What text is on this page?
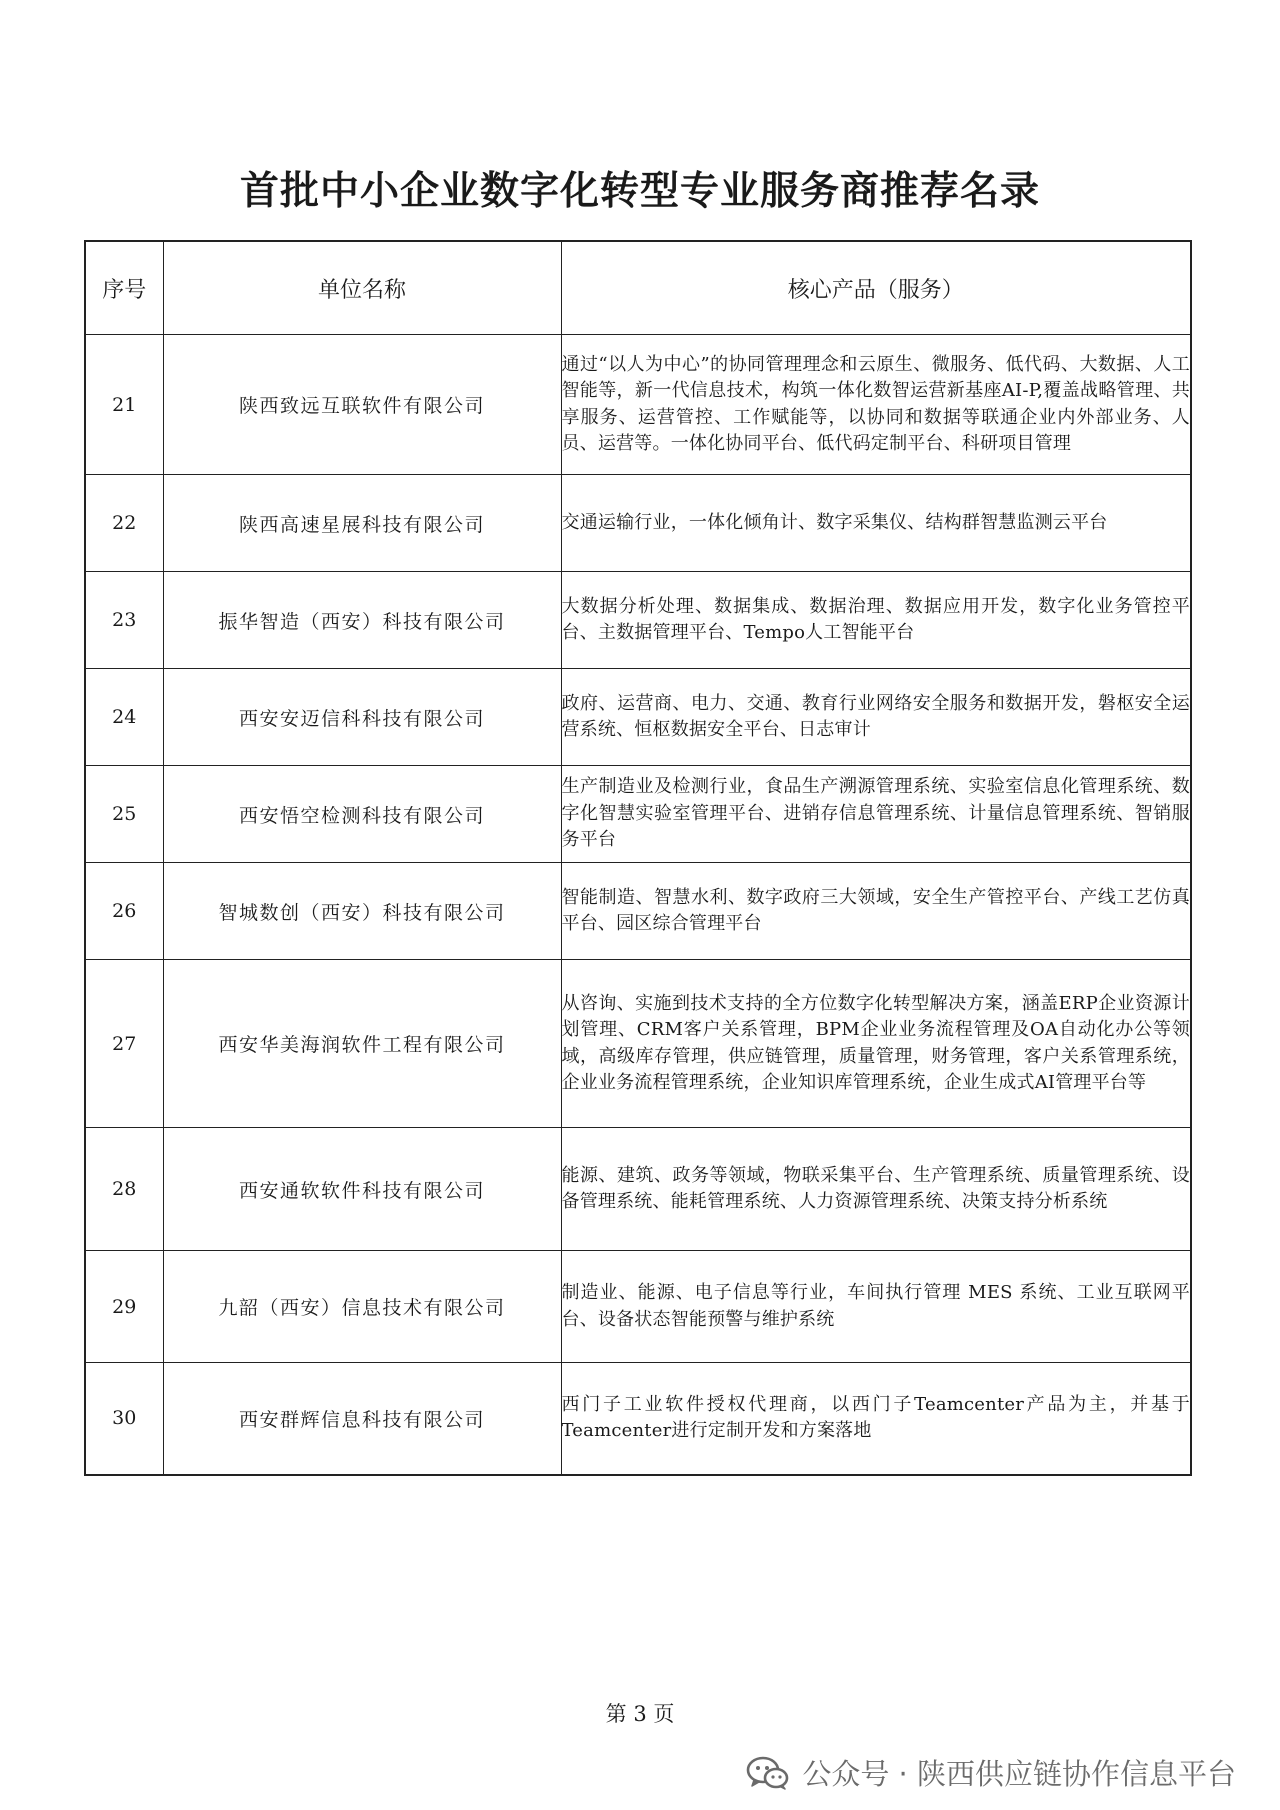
首批中小企业数字化转型专业服务商推荐名录
序号	单位名称	核心产品（服务）
21	陕西致远互联软件有限公司	通过“以人为中心”的协同管理理念和云原生、微服务、低代码、大数据、人工智能等，新一代信息技术，构筑一体化数智运营新基座AI-P,覆盖战略管理、共享服务、运营管控、工作赋能等，以协同和数据等联通企业内外部业务、人员、运营等。一体化协同平台、低代码定制平台、科研项目管理
22	陕西高速星展科技有限公司	交通运输行业，一体化倾角计、数字采集仪、结构群智慧监测云平台
23	振华智造（西安）科技有限公司	大数据分析处理、数据集成、数据治理、数据应用开发，数字化业务管控平台、主数据管理平台、Tempo人工智能平台
24	西安安迈信科科技有限公司	政府、运营商、电力、交通、教育行业网络安全服务和数据开发，磐枢安全运营系统、恒枢数据安全平台、日志审计
25	西安悟空检测科技有限公司	生产制造业及检测行业，食品生产溯源管理系统、实验室信息化管理系统、数字化智慧实验室管理平台、进销存信息管理系统、计量信息管理系统、智销服务平台
26	智城数创（西安）科技有限公司	智能制造、智慧水利、数字政府三大领域，安全生产管控平台、产线工艺仿真平台、园区综合管理平台
27	西安华美海润软件工程有限公司	从咨询、实施到技术支持的全方位数字化转型解决方案，涵盖ERP企业资源计划管理、CRM客户关系管理，BPM企业业务流程管理及OA自动化办公等领域，高级库存管理，供应链管理，质量管理，财务管理，客户关系管理系统，企业业务流程管理系统，企业知识库管理系统，企业生成式AI管理平台等
28	西安通软软件科技有限公司	能源、建筑、政务等领域，物联采集平台、生产管理系统、质量管理系统、设备管理系统、能耗管理系统、人力资源管理系统、决策支持分析系统
29	九韶（西安）信息技术有限公司	制造业、能源、电子信息等行业，车间执行管理 MES 系统、工业互联网平台、设备状态智能预警与维护系统
30	西安群辉信息科技有限公司	西门子工业软件授权代理商，以西门子Teamcenter产品为主，并基于Teamcenter进行定制开发和方案落地
第 3 页
公众号 · 陕西供应链协作信息平台
